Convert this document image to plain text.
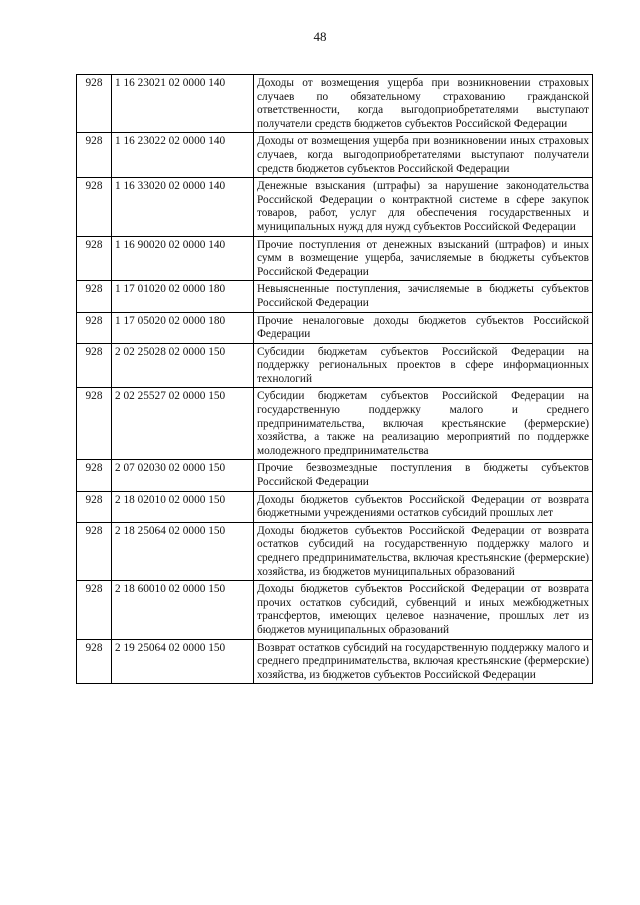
48
928	1 16 23021 02 0000 140	Доходы от возмещения ущерба при возникновении страховых случаев по обязательному страхованию гражданской ответственности, когда выгодоприобретателями выступают получатели средств бюджетов субъектов Российской Федерации
928	1 16 23022 02 0000 140	Доходы от возмещения ущерба при возникновении иных страховых случаев, когда выгодоприобретателями выступают получатели средств бюджетов субъектов Российской Федерации
928	1 16 33020 02 0000 140	Денежные взыскания (штрафы) за нарушение законодательства Российской Федерации о контрактной системе в сфере закупок товаров, работ, услуг для обеспечения государственных и муниципальных нужд для нужд субъектов Российской Федерации
928	1 16 90020 02 0000 140	Прочие поступления от денежных взысканий (штрафов) и иных сумм в возмещение ущерба, зачисляемые в бюджеты субъектов Российской Федерации
928	1 17 01020 02 0000 180	Невыясненные поступления, зачисляемые в бюджеты субъектов Российской Федерации
928	1 17 05020 02 0000 180	Прочие неналоговые доходы бюджетов субъектов Российской Федерации
928	2 02 25028 02 0000 150	Субсидии бюджетам субъектов Российской Федерации на поддержку региональных проектов в сфере информационных технологий
928	2 02 25527 02 0000 150	Субсидии бюджетам субъектов Российской Федерации на государственную поддержку малого и среднего предпринимательства, включая крестьянские (фермерские) хозяйства, а также на реализацию мероприятий по поддержке молодежного предпринимательства
928	2 07 02030 02 0000 150	Прочие безвозмездные поступления в бюджеты субъектов Российской Федерации
928	2 18 02010 02 0000 150	Доходы бюджетов субъектов Российской Федерации от возврата бюджетными учреждениями остатков субсидий прошлых лет
928	2 18 25064 02 0000 150	Доходы бюджетов субъектов Российской Федерации от возврата остатков субсидий на государственную поддержку малого и среднего предпринимательства, включая крестьянские (фермерские) хозяйства, из бюджетов муниципальных образований
928	2 18 60010 02 0000 150	Доходы бюджетов субъектов Российской Федерации от возврата прочих остатков субсидий, субвенций и иных межбюджетных трансфертов, имеющих целевое назначение, прошлых лет из бюджетов муниципальных образований
928	2 19 25064 02 0000 150	Возврат остатков субсидий на государственную поддержку малого и среднего предпринимательства, включая крестьянские (фермерские) хозяйства, из бюджетов субъектов Российской Федерации
